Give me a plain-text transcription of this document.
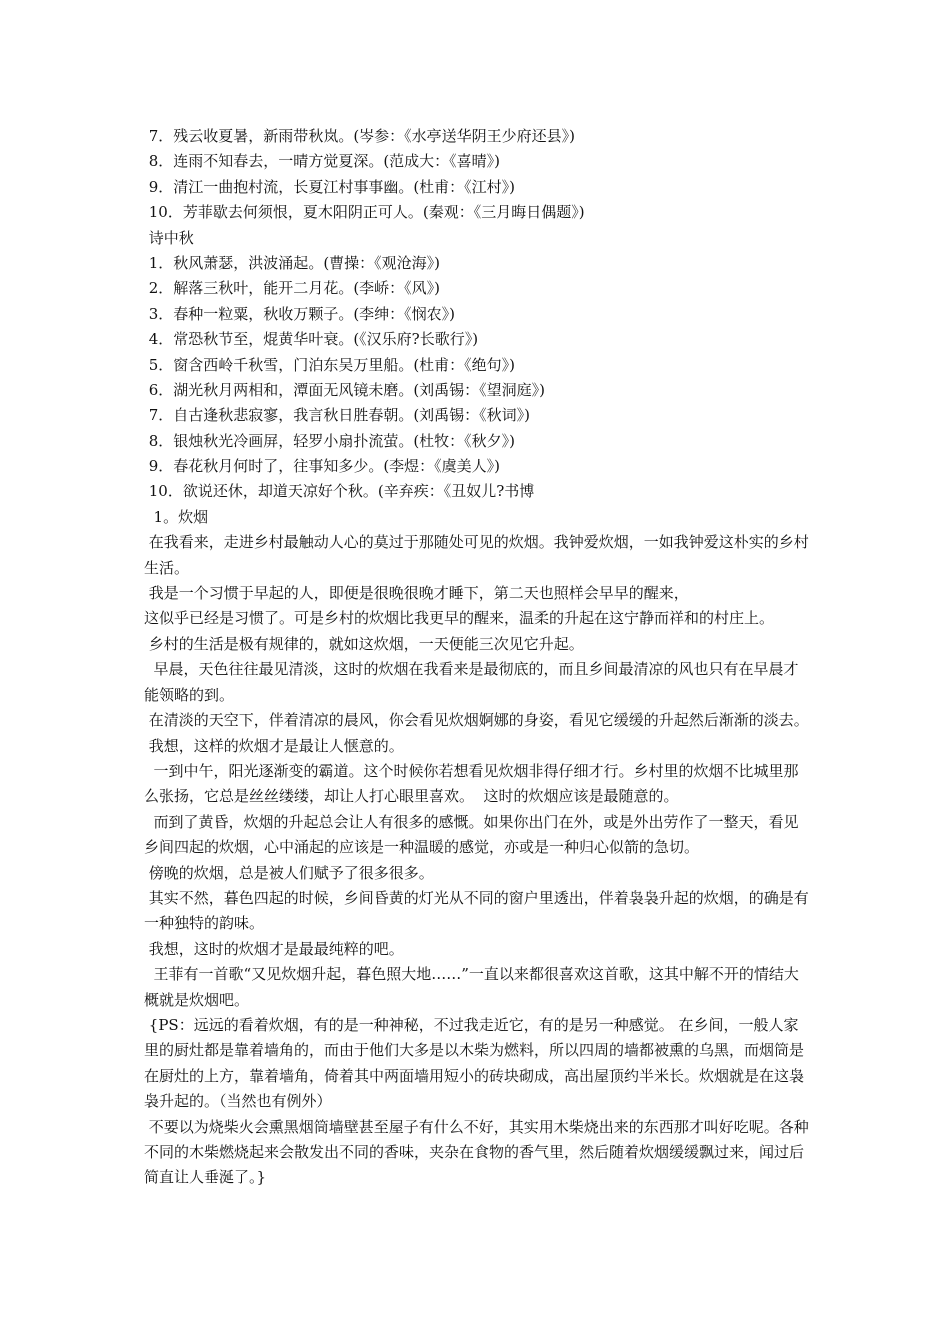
7．残云收夏暑，新雨带秋岚。(岑参：《水亭送华阴王少府还县》)

8．连雨不知春去，一晴方觉夏深。(范成大：《喜晴》)

9．清江一曲抱村流，长夏江村事事幽。(杜甫：《江村》)

10．芳菲歇去何须恨，夏木阳阴正可人。(秦观：《三月晦日偶题》)

诗中秋

1．秋风萧瑟，洪波涌起。(曹操：《观沧海》)

2．解落三秋叶，能开二月花。(李峤：《风》)

3．春种一粒粟，秋收万颗子。(李绅：《悯农》)

4．常恐秋节至，焜黄华叶衰。(《汉乐府?长歌行》)

5．窗含西岭千秋雪，门泊东吴万里船。(杜甫：《绝句》)

6．湖光秋月两相和，潭面无风镜未磨。(刘禹锡：《望洞庭》)

7．自古逢秋悲寂寥，我言秋日胜春朝。(刘禹锡：《秋词》)

8．银烛秋光冷画屏，轻罗小扇扑流萤。(杜牧：《秋夕》)

9．春花秋月何时了，往事知多少。(李煜：《虞美人》)

10．欲说还休，却道天凉好个秋。(辛弃疾：《丑奴儿?书博

1。炊烟

在我看来，走进乡村最触动人心的莫过于那随处可见的炊烟。我钟爱炊烟，一如我钟爱这朴实的乡村生活。

我是一个习惯于早起的人，即便是很晚很晚才睡下，第二天也照样会早早的醒来，

这似乎已经是习惯了。可是乡村的炊烟比我更早的醒来，温柔的升起在这宁静而祥和的村庄上。

乡村的生活是极有规律的，就如这炊烟，一天便能三次见它升起。

早晨，天色往往最见清淡，这时的炊烟在我看来是最彻底的，而且乡间最清凉的风也只有在早晨才能领略的到。

在清淡的天空下，伴着清凉的晨风，你会看见炊烟婀娜的身姿，看见它缓缓的升起然后渐渐的淡去。

我想，这样的炊烟才是最让人惬意的。

一到中午，阳光逐渐变的霸道。这个时候你若想看见炊烟非得仔细才行。乡村里的炊烟不比城里那么张扬，它总是丝丝缕缕，却让人打心眼里喜欢。  这时的炊烟应该是最随意的。

而到了黄昏，炊烟的升起总会让人有很多的感慨。如果你出门在外，或是外出劳作了一整天，看见乡间四起的炊烟，心中涌起的应该是一种温暖的感觉，亦或是一种归心似箭的急切。

傍晚的炊烟，总是被人们赋予了很多很多。

其实不然，暮色四起的时候，乡间昏黄的灯光从不同的窗户里透出，伴着袅袅升起的炊烟，的确是有一种独特的韵味。

我想，这时的炊烟才是最最纯粹的吧。

王菲有一首歌“又见炊烟升起，暮色照大地……”一直以来都很喜欢这首歌，这其中解不开的情结大概就是炊烟吧。

{PS：远远的看着炊烟，有的是一种神秘，不过我走近它，有的是另一种感觉。 在乡间，一般人家里的厨灶都是靠着墙角的，而由于他们大多是以木柴为燃料，所以四周的墙都被熏的乌黑，而烟筒是在厨灶的上方，靠着墙角，倚着其中两面墙用短小的砖块砌成，高出屋顶约半米长。炊烟就是在这袅袅升起的。（当然也有例外）

不要以为烧柴火会熏黑烟筒墙壁甚至屋子有什么不好，其实用木柴烧出来的东西那才叫好吃呢。各种不同的木柴燃烧起来会散发出不同的香味，夹杂在食物的香气里，然后随着炊烟缓缓飘过来，闻过后简直让人垂涎了。}
